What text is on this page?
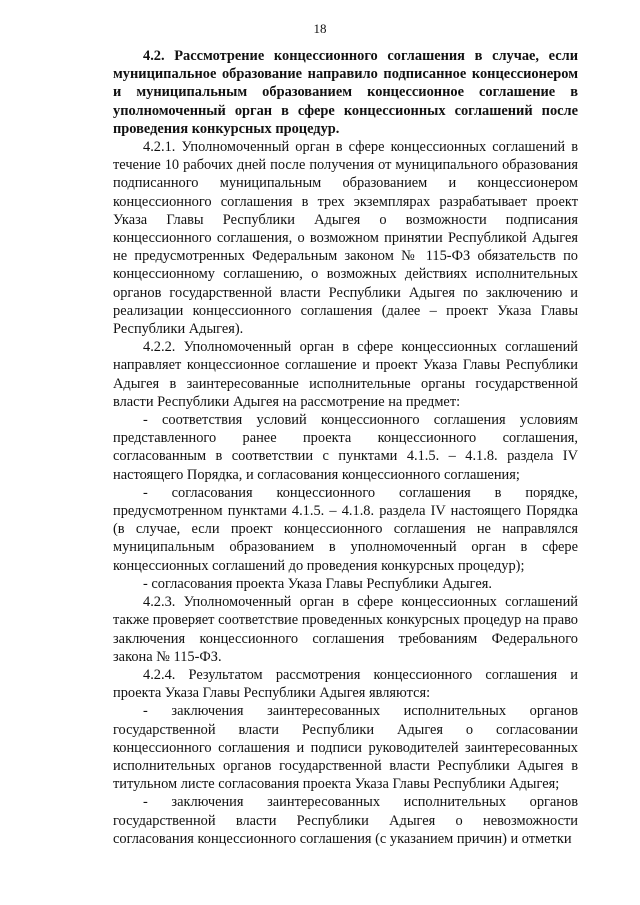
18

4.2. Рассмотрение концессионного соглашения в случае, если муниципальное образование направило подписанное концессионером и муниципальным образованием концессионное соглашение в уполномоченный орган в сфере концессионных соглашений после проведения конкурсных процедур.

4.2.1. Уполномоченный орган в сфере концессионных соглашений в течение 10 рабочих дней после получения от муниципального образования подписанного муниципальным образованием и концессионером концессионного соглашения в трех экземплярах разрабатывает проект Указа Главы Республики Адыгея о возможности подписания концессионного соглашения, о возможном принятии Республикой Адыгея не предусмотренных Федеральным законом № 115-ФЗ обязательств по концессионному соглашению, о возможных действиях исполнительных органов государственной власти Республики Адыгея по заключению и реализации концессионного соглашения (далее – проект Указа Главы Республики Адыгея).

4.2.2. Уполномоченный орган в сфере концессионных соглашений направляет концессионное соглашение и проект Указа Главы Республики Адыгея в заинтересованные исполнительные органы государственной власти Республики Адыгея на рассмотрение на предмет:

- соответствия условий концессионного соглашения условиям представленного ранее проекта концессионного соглашения, согласованным в соответствии с пунктами 4.1.5. – 4.1.8. раздела IV настоящего Порядка, и согласования концессионного соглашения;

- согласования концессионного соглашения в порядке, предусмотренном пунктами 4.1.5. – 4.1.8. раздела IV настоящего Порядка (в случае, если проект концессионного соглашения не направлялся муниципальным образованием в уполномоченный орган в сфере концессионных соглашений до проведения конкурсных процедур);

- согласования проекта Указа Главы Республики Адыгея.

4.2.3. Уполномоченный орган в сфере концессионных соглашений также проверяет соответствие проведенных конкурсных процедур на право заключения концессионного соглашения требованиям Федерального закона № 115-ФЗ.

4.2.4. Результатом рассмотрения концессионного соглашения и проекта Указа Главы Республики Адыгея являются:

- заключения заинтересованных исполнительных органов государственной власти Республики Адыгея о согласовании концессионного соглашения и подписи руководителей заинтересованных исполнительных органов государственной власти Республики Адыгея в титульном листе согласования проекта Указа Главы Республики Адыгея;

- заключения заинтересованных исполнительных органов государственной власти Республики Адыгея о невозможности согласования концессионного соглашения (с указанием причин) и отметки
